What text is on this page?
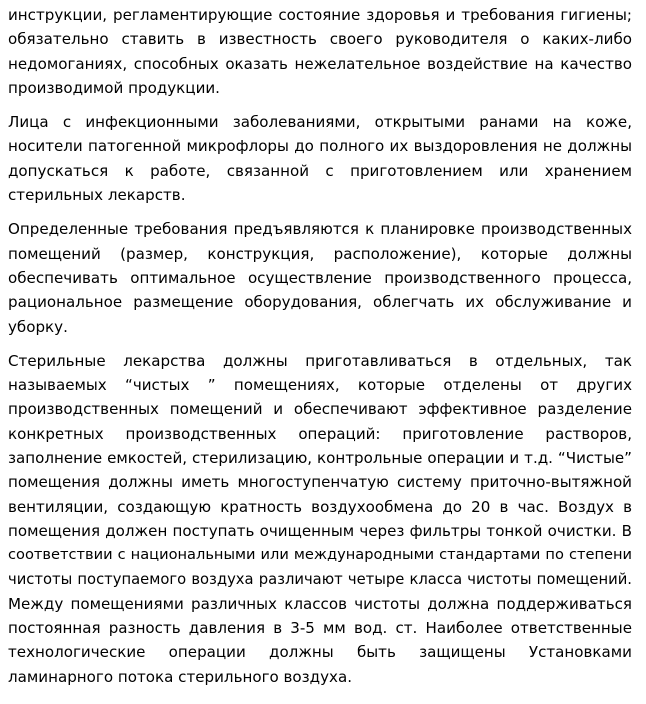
инструкции, регламентирующие состояние здоровья и требования гигиены;
обязательно ставить в известность своего руководителя о каких-либо
недомоганиях, способных оказать нежелательное воздействие на качество
производимой продукции.

Лица с инфекционными заболеваниями, открытыми ранами на коже,
носители патогенной микрофлоры до полного их выздоровления не должны
допускаться к работе, связанной с приготовлением или хранением
стерильных лекарств.

Определенные требования предъявляются к планировке производственных
помещений (размер, конструкция, расположение), которые должны
обеспечивать оптимальное осуществление производственного процесса,
рациональное размещение оборудования, облегчать их обслуживание и
уборку.

Стерильные лекарства должны приготавливаться в отдельных, так
называемых “чистых ” помещениях, которые отделены от других
производственных помещений и обеспечивают эффективное разделение
конкретных производственных операций: приготовление растворов,
заполнение емкостей, стерилизацию, контрольные операции и т.д. “Чистые”
помещения должны иметь многоступенчатую систему приточно-вытяжной
вентиляции, создающую кратность воздухообмена до 20 в час. Воздух в
помещения должен поступать очищенным через фильтры тонкой очистки. В
соответствии с национальными или международными стандартами по степени
чистоты поступаемого воздуха различают четыре класса чистоты помещений.
Между помещениями различных классов чистоты должна поддерживаться
постоянная разность давления в 3-5 мм вод. ст. Наиболее ответственные
технологические операции должны быть защищены Установками
ламинарного потока стерильного воздуха.
